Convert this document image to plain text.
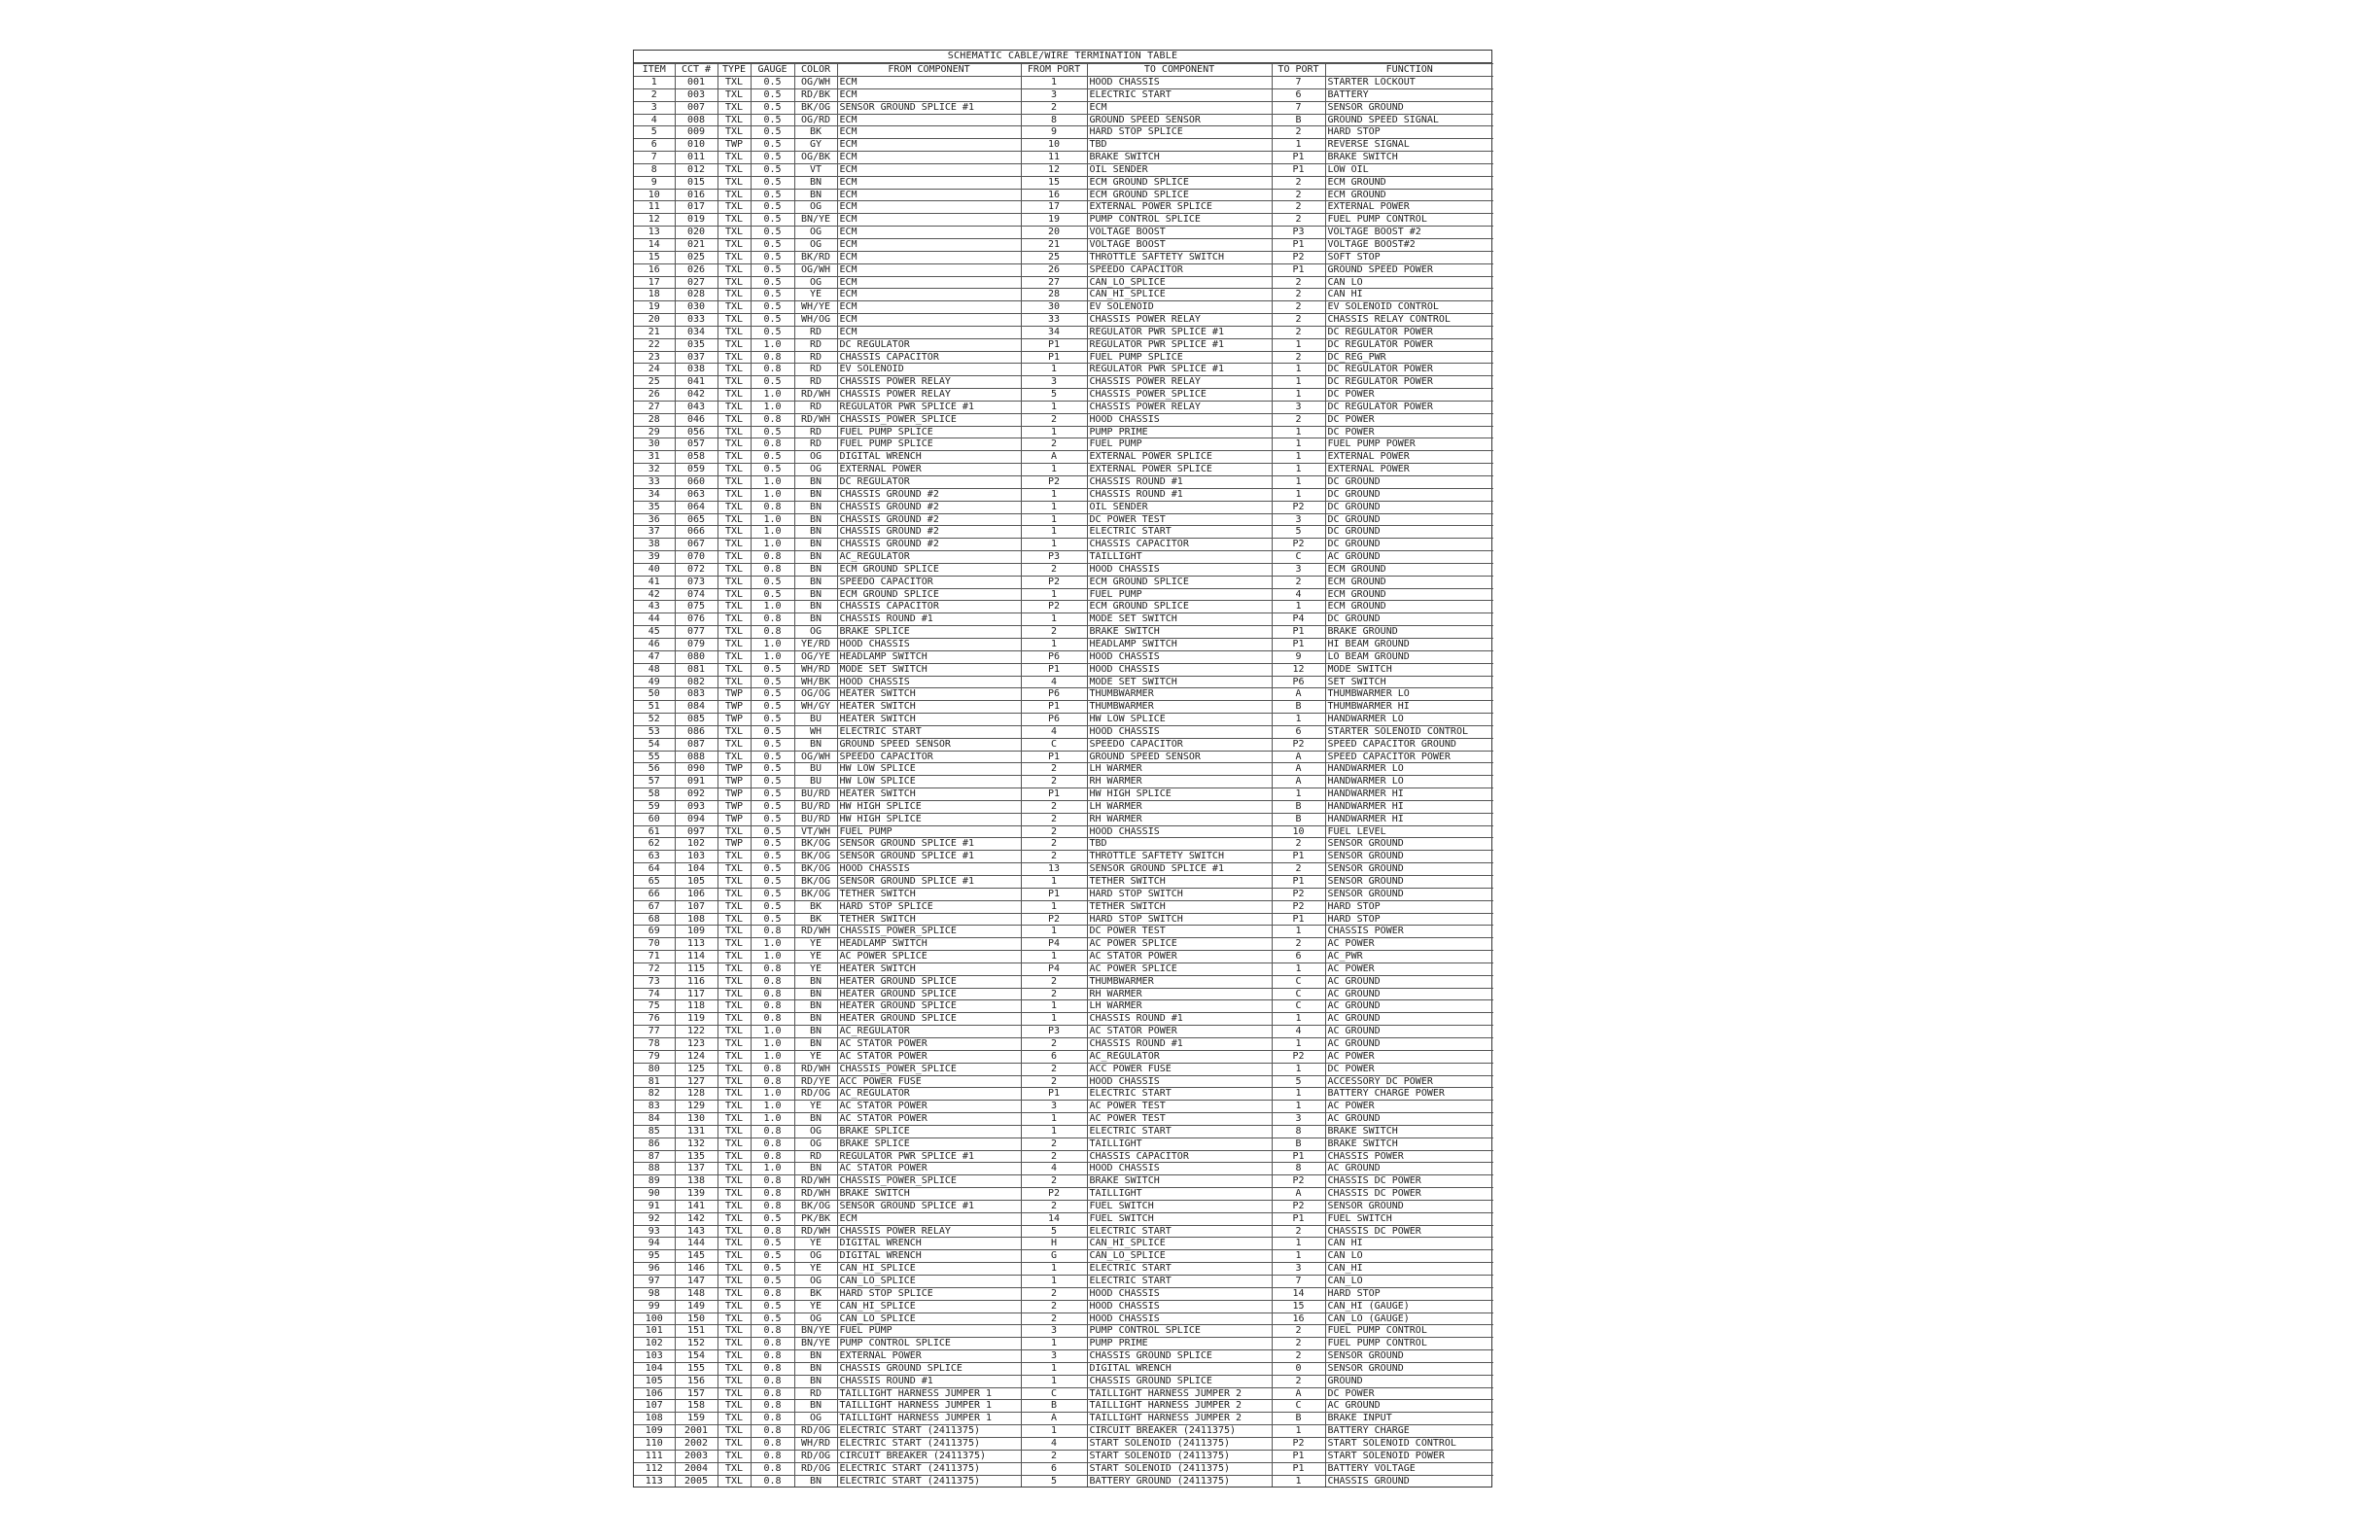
SCHEMATIC CABLE/WIRE TERMINATION TABLE
ITEM	CCT #	TYPE	GAUGE	COLOR	FROM COMPONENT	FROM PORT	TO COMPONENT	TO PORT	FUNCTION
1	001	TXL	0.5	OG/WH	ECM	1	HOOD CHASSIS	7	STARTER LOCKOUT
2	003	TXL	0.5	RD/BK	ECM	3	ELECTRIC START	6	BATTERY
3	007	TXL	0.5	BK/OG	SENSOR GROUND SPLICE #1	2	ECM	7	SENSOR GROUND
4	008	TXL	0.5	OG/RD	ECM	8	GROUND SPEED SENSOR	B	GROUND SPEED SIGNAL
5	009	TXL	0.5	BK	ECM	9	HARD STOP SPLICE	2	HARD STOP
6	010	TWP	0.5	GY	ECM	10	TBD	1	REVERSE SIGNAL
7	011	TXL	0.5	OG/BK	ECM	11	BRAKE SWITCH	P1	BRAKE SWITCH
8	012	TXL	0.5	VT	ECM	12	OIL SENDER	P1	LOW OIL
9	015	TXL	0.5	BN	ECM	15	ECM GROUND SPLICE	2	ECM GROUND
10	016	TXL	0.5	BN	ECM	16	ECM GROUND SPLICE	2	ECM GROUND
11	017	TXL	0.5	OG	ECM	17	EXTERNAL POWER SPLICE	2	EXTERNAL POWER
12	019	TXL	0.5	BN/YE	ECM	19	PUMP CONTROL SPLICE	2	FUEL PUMP CONTROL
13	020	TXL	0.5	OG	ECM	20	VOLTAGE BOOST	P3	VOLTAGE BOOST #2
14	021	TXL	0.5	OG	ECM	21	VOLTAGE BOOST	P1	VOLTAGE BOOST#2
15	025	TXL	0.5	BK/RD	ECM	25	THROTTLE SAFTETY SWITCH	P2	SOFT STOP
16	026	TXL	0.5	OG/WH	ECM	26	SPEEDO CAPACITOR	P1	GROUND SPEED POWER
17	027	TXL	0.5	OG	ECM	27	CAN_LO_SPLICE	2	CAN LO
18	028	TXL	0.5	YE	ECM	28	CAN_HI_SPLICE	2	CAN HI
19	030	TXL	0.5	WH/YE	ECM	30	EV SOLENOID	2	EV SOLENOID CONTROL
20	033	TXL	0.5	WH/OG	ECM	33	CHASSIS POWER RELAY	2	CHASSIS RELAY CONTROL
21	034	TXL	0.5	RD	ECM	34	REGULATOR PWR SPLICE #1	2	DC REGULATOR POWER
22	035	TXL	1.0	RD	DC REGULATOR	P1	REGULATOR PWR SPLICE #1	1	DC REGULATOR POWER
23	037	TXL	0.8	RD	CHASSIS CAPACITOR	P1	FUEL PUMP SPLICE	2	DC_REG_PWR
24	038	TXL	0.8	RD	EV SOLENOID	1	REGULATOR PWR SPLICE #1	1	DC REGULATOR POWER
25	041	TXL	0.5	RD	CHASSIS POWER RELAY	3	CHASSIS POWER RELAY	1	DC REGULATOR POWER
26	042	TXL	1.0	RD/WH	CHASSIS POWER RELAY	5	CHASSIS_POWER_SPLICE	1	DC POWER
27	043	TXL	1.0	RD	REGULATOR PWR SPLICE #1	1	CHASSIS POWER RELAY	3	DC REGULATOR POWER
28	046	TXL	0.8	RD/WH	CHASSIS_POWER_SPLICE	2	HOOD CHASSIS	2	DC POWER
29	056	TXL	0.5	RD	FUEL PUMP SPLICE	1	PUMP PRIME	1	DC POWER
30	057	TXL	0.8	RD	FUEL PUMP SPLICE	2	FUEL PUMP	1	FUEL PUMP POWER
31	058	TXL	0.5	OG	DIGITAL WRENCH	A	EXTERNAL POWER SPLICE	1	EXTERNAL POWER
32	059	TXL	0.5	OG	EXTERNAL POWER	1	EXTERNAL POWER SPLICE	1	EXTERNAL POWER
33	060	TXL	1.0	BN	DC REGULATOR	P2	CHASSIS ROUND #1	1	DC GROUND
34	063	TXL	1.0	BN	CHASSIS GROUND #2	1	CHASSIS ROUND #1	1	DC GROUND
35	064	TXL	0.8	BN	CHASSIS GROUND #2	1	OIL SENDER	P2	DC GROUND
36	065	TXL	1.0	BN	CHASSIS GROUND #2	1	DC POWER TEST	3	DC GROUND
37	066	TXL	1.0	BN	CHASSIS GROUND #2	1	ELECTRIC START	5	DC GROUND
38	067	TXL	1.0	BN	CHASSIS GROUND #2	1	CHASSIS CAPACITOR	P2	DC GROUND
39	070	TXL	0.8	BN	AC_REGULATOR	P3	TAILLIGHT	C	AC GROUND
40	072	TXL	0.8	BN	ECM GROUND SPLICE	2	HOOD CHASSIS	3	ECM GROUND
41	073	TXL	0.5	BN	SPEEDO CAPACITOR	P2	ECM GROUND SPLICE	2	ECM GROUND
42	074	TXL	0.5	BN	ECM GROUND SPLICE	1	FUEL PUMP	4	ECM GROUND
43	075	TXL	1.0	BN	CHASSIS CAPACITOR	P2	ECM GROUND SPLICE	1	ECM GROUND
44	076	TXL	0.8	BN	CHASSIS ROUND #1	1	MODE SET SWITCH	P4	DC GROUND
45	077	TXL	0.8	OG	BRAKE SPLICE	2	BRAKE SWITCH	P1	BRAKE GROUND
46	079	TXL	1.0	YE/RD	HOOD CHASSIS	1	HEADLAMP SWITCH	P1	HI BEAM GROUND
47	080	TXL	1.0	OG/YE	HEADLAMP SWITCH	P6	HOOD CHASSIS	9	LO BEAM GROUND
48	081	TXL	0.5	WH/RD	MODE SET SWITCH	P1	HOOD CHASSIS	12	MODE SWITCH
49	082	TXL	0.5	WH/BK	HOOD CHASSIS	4	MODE SET SWITCH	P6	SET SWITCH
50	083	TWP	0.5	OG/OG	HEATER SWITCH	P6	THUMBWARMER	A	THUMBWARMER LO
51	084	TWP	0.5	WH/GY	HEATER SWITCH	P1	THUMBWARMER	B	THUMBWARMER HI
52	085	TWP	0.5	BU	HEATER SWITCH	P6	HW LOW SPLICE	1	HANDWARMER LO
53	086	TXL	0.5	WH	ELECTRIC START	4	HOOD CHASSIS	6	STARTER SOLENOID CONTROL
54	087	TXL	0.5	BN	GROUND SPEED SENSOR	C	SPEEDO CAPACITOR	P2	SPEED CAPACITOR GROUND
55	088	TXL	0.5	OG/WH	SPEEDO CAPACITOR	P1	GROUND SPEED SENSOR	A	SPEED CAPACITOR POWER
56	090	TWP	0.5	BU	HW LOW SPLICE	2	LH WARMER	A	HANDWARMER LO
57	091	TWP	0.5	BU	HW LOW SPLICE	2	RH WARMER	A	HANDWARMER LO
58	092	TWP	0.5	BU/RD	HEATER SWITCH	P1	HW HIGH SPLICE	1	HANDWARMER HI
59	093	TWP	0.5	BU/RD	HW HIGH SPLICE	2	LH WARMER	B	HANDWARMER HI
60	094	TWP	0.5	BU/RD	HW HIGH SPLICE	2	RH WARMER	B	HANDWARMER HI
61	097	TXL	0.5	VT/WH	FUEL PUMP	2	HOOD CHASSIS	10	FUEL LEVEL
62	102	TWP	0.5	BK/OG	SENSOR GROUND SPLICE #1	2	TBD	2	SENSOR GROUND
63	103	TXL	0.5	BK/OG	SENSOR GROUND SPLICE #1	2	THROTTLE SAFTETY SWITCH	P1	SENSOR GROUND
64	104	TXL	0.5	BK/OG	HOOD CHASSIS	13	SENSOR GROUND SPLICE #1	2	SENSOR GROUND
65	105	TXL	0.5	BK/OG	SENSOR GROUND SPLICE #1	1	TETHER SWITCH	P1	SENSOR GROUND
66	106	TXL	0.5	BK/OG	TETHER SWITCH	P1	HARD STOP SWITCH	P2	SENSOR GROUND
67	107	TXL	0.5	BK	HARD STOP SPLICE	1	TETHER SWITCH	P2	HARD STOP
68	108	TXL	0.5	BK	TETHER SWITCH	P2	HARD STOP SWITCH	P1	HARD STOP
69	109	TXL	0.8	RD/WH	CHASSIS_POWER_SPLICE	1	DC POWER TEST	1	CHASSIS POWER
70	113	TXL	1.0	YE	HEADLAMP SWITCH	P4	AC POWER SPLICE	2	AC POWER
71	114	TXL	1.0	YE	AC POWER SPLICE	1	AC STATOR POWER	6	AC_PWR
72	115	TXL	0.8	YE	HEATER SWITCH	P4	AC POWER SPLICE	1	AC POWER
73	116	TXL	0.8	BN	HEATER GROUND SPLICE	2	THUMBWARMER	C	AC GROUND
74	117	TXL	0.8	BN	HEATER GROUND SPLICE	2	RH WARMER	C	AC GROUND
75	118	TXL	0.8	BN	HEATER GROUND SPLICE	1	LH WARMER	C	AC GROUND
76	119	TXL	0.8	BN	HEATER GROUND SPLICE	1	CHASSIS ROUND #1	1	AC GROUND
77	122	TXL	1.0	BN	AC_REGULATOR	P3	AC STATOR POWER	4	AC GROUND
78	123	TXL	1.0	BN	AC STATOR POWER	2	CHASSIS ROUND #1	1	AC GROUND
79	124	TXL	1.0	YE	AC STATOR POWER	6	AC_REGULATOR	P2	AC POWER
80	125	TXL	0.8	RD/WH	CHASSIS_POWER_SPLICE	2	ACC POWER FUSE	1	DC POWER
81	127	TXL	0.8	RD/YE	ACC POWER FUSE	2	HOOD CHASSIS	5	ACCESSORY DC POWER
82	128	TXL	1.0	RD/OG	AC_REGULATOR	P1	ELECTRIC START	1	BATTERY CHARGE POWER
83	129	TXL	1.0	YE	AC STATOR POWER	3	AC POWER TEST	1	AC POWER
84	130	TXL	1.0	BN	AC STATOR POWER	1	AC POWER TEST	3	AC GROUND
85	131	TXL	0.8	OG	BRAKE SPLICE	1	ELECTRIC START	8	BRAKE SWITCH
86	132	TXL	0.8	OG	BRAKE SPLICE	2	TAILLIGHT	B	BRAKE SWITCH
87	135	TXL	0.8	RD	REGULATOR PWR SPLICE #1	2	CHASSIS CAPACITOR	P1	CHASSIS POWER
88	137	TXL	1.0	BN	AC STATOR POWER	4	HOOD CHASSIS	8	AC GROUND
89	138	TXL	0.8	RD/WH	CHASSIS_POWER_SPLICE	2	BRAKE SWITCH	P2	CHASSIS DC POWER
90	139	TXL	0.8	RD/WH	BRAKE SWITCH	P2	TAILLIGHT	A	CHASSIS DC POWER
91	141	TXL	0.8	BK/OG	SENSOR GROUND SPLICE #1	2	FUEL SWITCH	P2	SENSOR GROUND
92	142	TXL	0.5	PK/BK	ECM	14	FUEL SWITCH	P1	FUEL SWITCH
93	143	TXL	0.8	RD/WH	CHASSIS POWER RELAY	5	ELECTRIC START	2	CHASSIS DC POWER
94	144	TXL	0.5	YE	DIGITAL WRENCH	H	CAN_HI_SPLICE	1	CAN HI
95	145	TXL	0.5	OG	DIGITAL WRENCH	G	CAN_LO_SPLICE	1	CAN LO
96	146	TXL	0.5	YE	CAN_HI_SPLICE	1	ELECTRIC START	3	CAN_HI
97	147	TXL	0.5	OG	CAN_LO_SPLICE	1	ELECTRIC START	7	CAN_LO
98	148	TXL	0.8	BK	HARD STOP SPLICE	2	HOOD CHASSIS	14	HARD STOP
99	149	TXL	0.5	YE	CAN_HI_SPLICE	2	HOOD CHASSIS	15	CAN_HI (GAUGE)
100	150	TXL	0.5	OG	CAN_LO_SPLICE	2	HOOD CHASSIS	16	CAN_LO (GAUGE)
101	151	TXL	0.8	BN/YE	FUEL PUMP	3	PUMP CONTROL SPLICE	2	FUEL PUMP CONTROL
102	152	TXL	0.8	BN/YE	PUMP CONTROL SPLICE	1	PUMP PRIME	2	FUEL PUMP CONTROL
103	154	TXL	0.8	BN	EXTERNAL POWER	3	CHASSIS GROUND SPLICE	2	SENSOR GROUND
104	155	TXL	0.8	BN	CHASSIS GROUND SPLICE	1	DIGITAL WRENCH	0	SENSOR GROUND
105	156	TXL	0.8	BN	CHASSIS ROUND #1	1	CHASSIS GROUND SPLICE	2	GROUND
106	157	TXL	0.8	RD	TAILLIGHT HARNESS JUMPER 1	C	TAILLIGHT HARNESS JUMPER 2	A	DC POWER
107	158	TXL	0.8	BN	TAILLIGHT HARNESS JUMPER 1	B	TAILLIGHT HARNESS JUMPER 2	C	AC GROUND
108	159	TXL	0.8	OG	TAILLIGHT HARNESS JUMPER 1	A	TAILLIGHT HARNESS JUMPER 2	B	BRAKE INPUT
109	2001	TXL	0.8	RD/OG	ELECTRIC START (2411375)	1	CIRCUIT BREAKER (2411375)	1	BATTERY CHARGE
110	2002	TXL	0.8	WH/RD	ELECTRIC START (2411375)	4	START SOLENOID (2411375)	P2	START SOLENOID CONTROL
111	2003	TXL	0.8	RD/OG	CIRCUIT BREAKER (2411375)	2	START SOLENOID (2411375)	P1	START SOLENOID POWER
112	2004	TXL	0.8	RD/OG	ELECTRIC START (2411375)	6	START SOLENOID (2411375)	P1	BATTERY VOLTAGE
113	2005	TXL	0.8	BN	ELECTRIC START (2411375)	5	BATTERY GROUND (2411375)	1	CHASSIS GROUND
